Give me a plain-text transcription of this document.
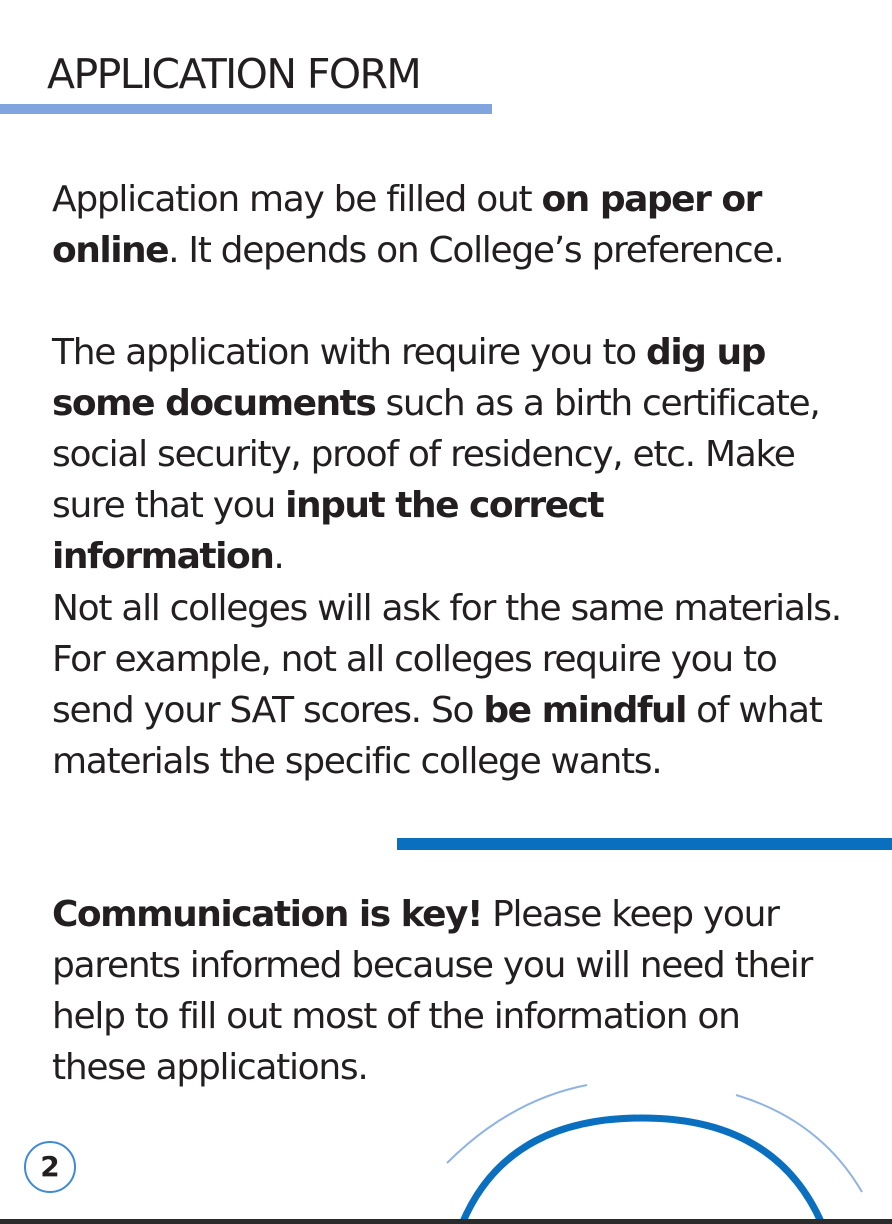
APPLICATION FORM

Application may be filled out on paper or online. It depends on College’s preference.

The application with require you to dig up some documents such as a birth certificate, social security, proof of residency, etc. Make sure that you input the correct information.

Not all colleges will ask for the same materials. For example, not all colleges require you to send your SAT scores. So be mindful of what materials the specific college wants.

Communication is key! Please keep your parents informed because you will need their help to fill out most of the information on these applications.

2
